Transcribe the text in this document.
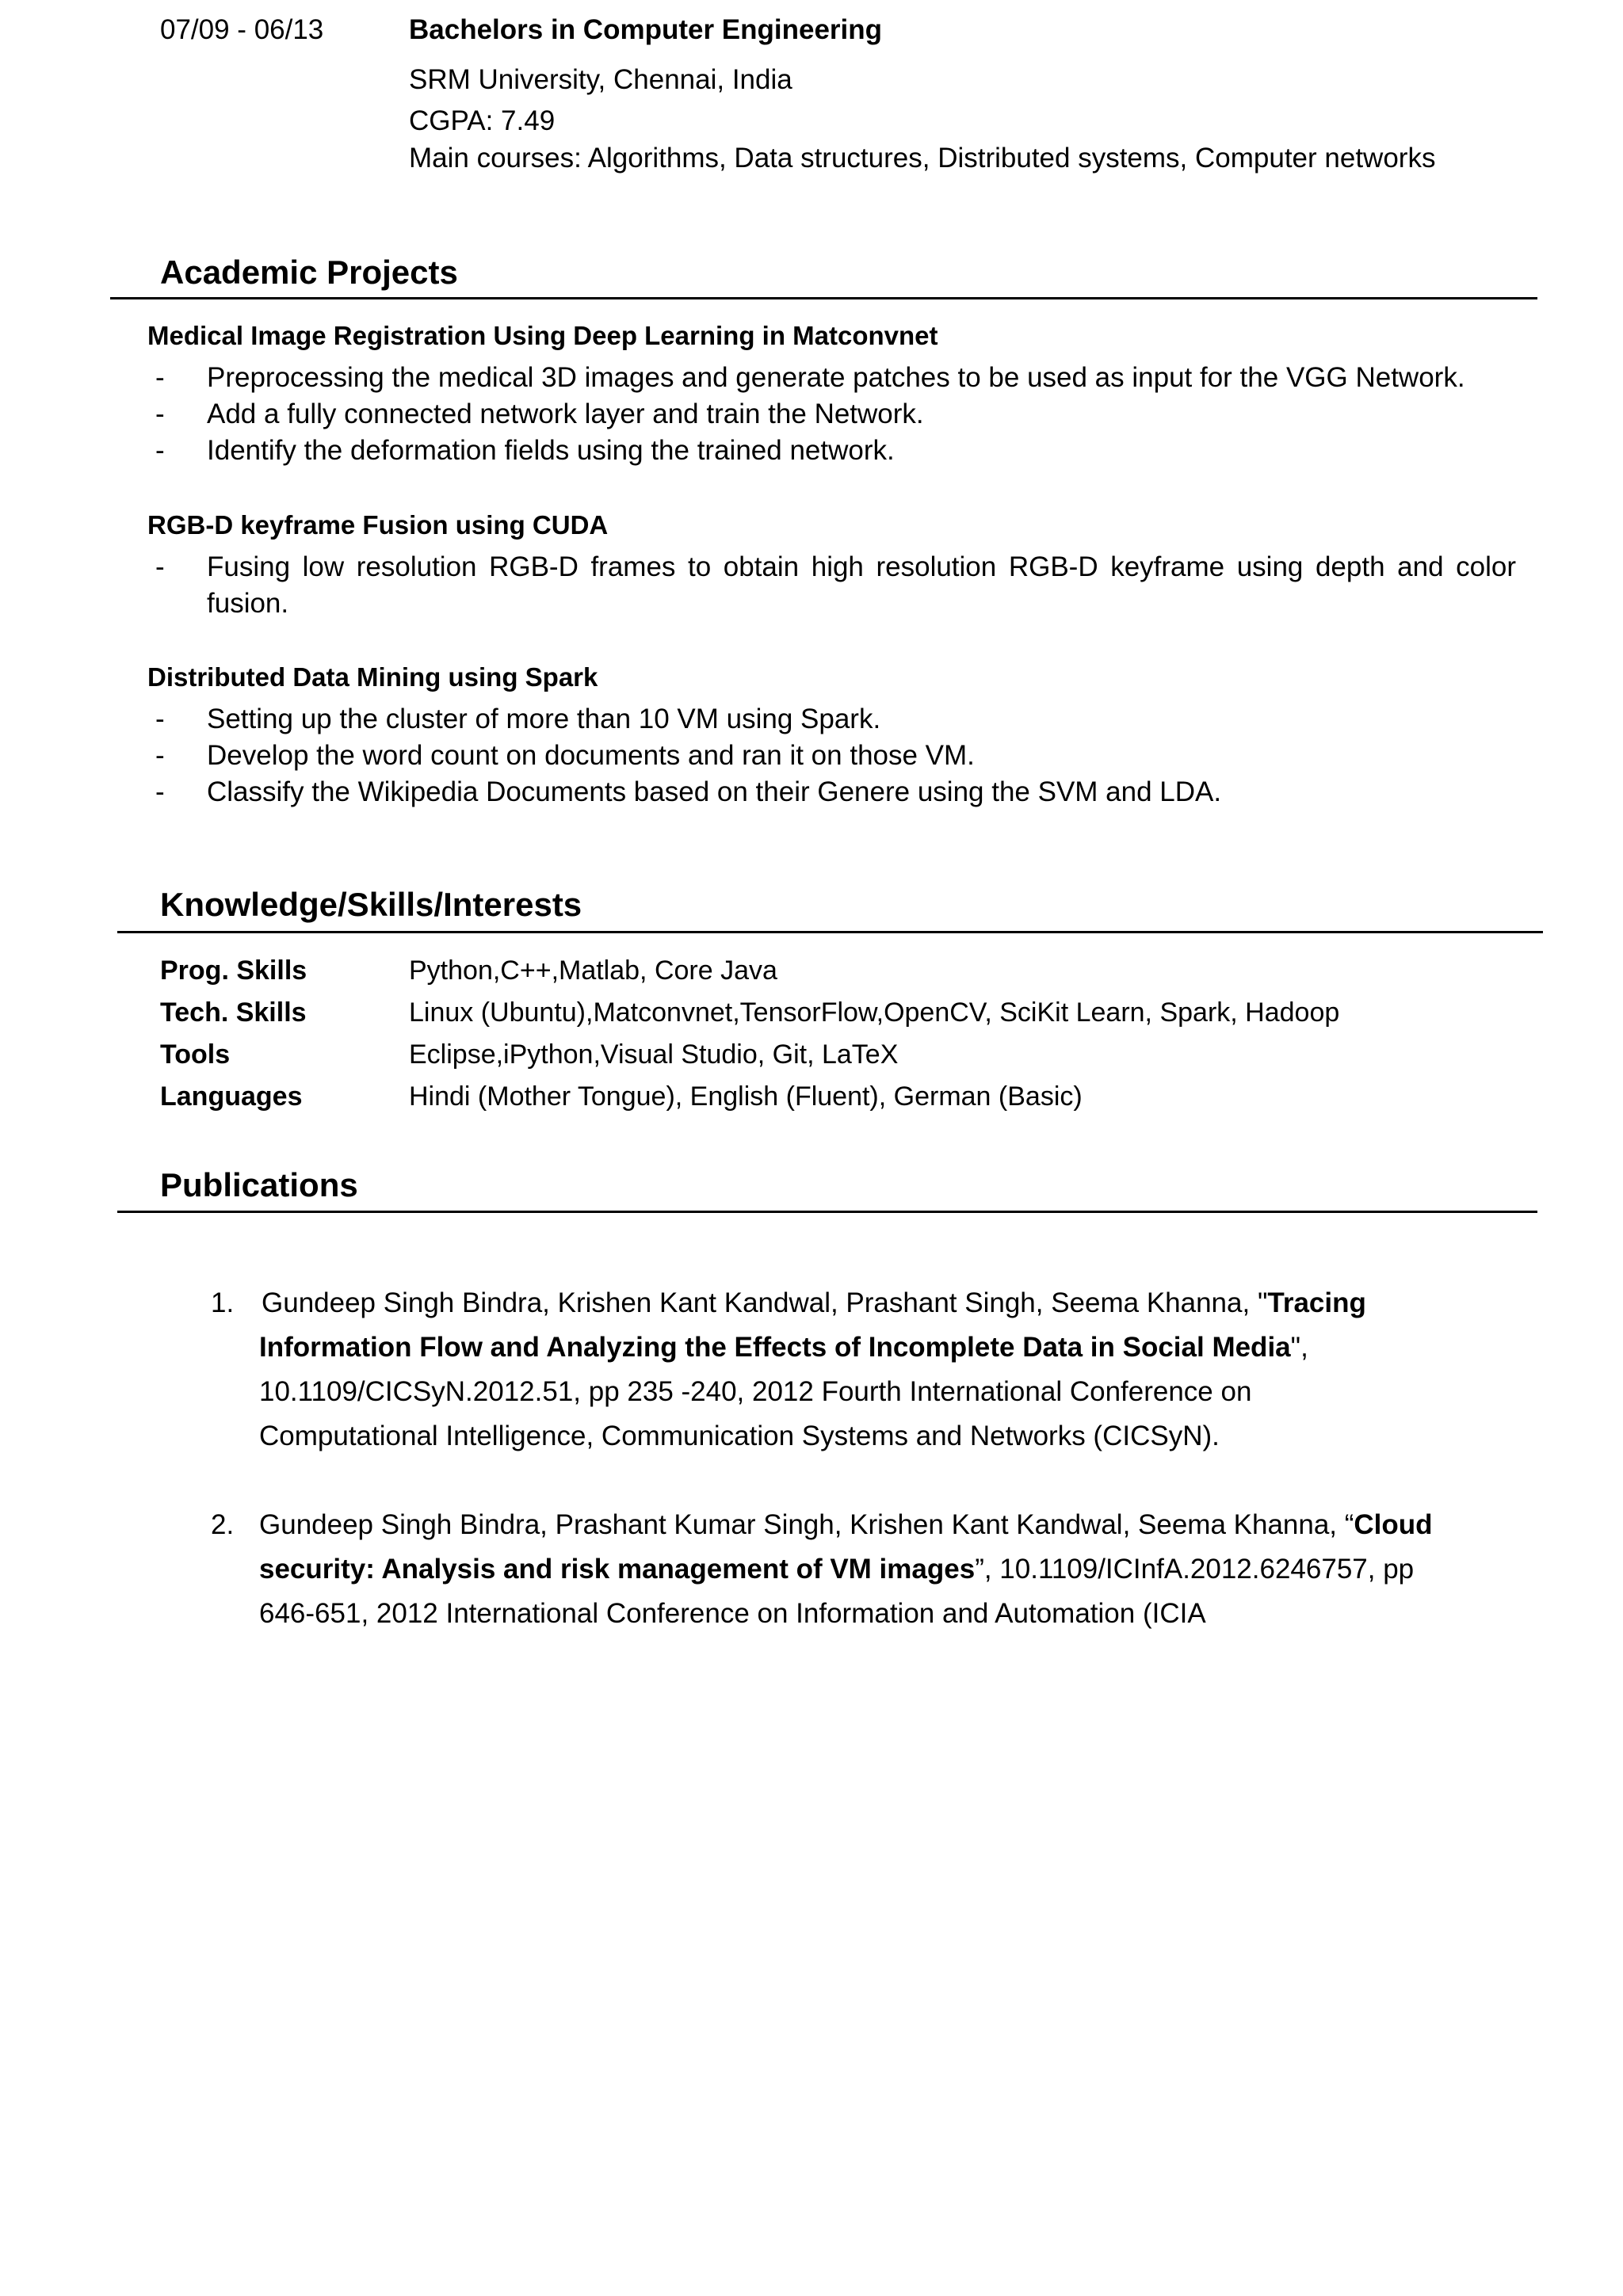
07/09 - 06/13	Bachelors in Computer Engineering
SRM University, Chennai, India
CGPA: 7.49
Main courses: Algorithms, Data structures, Distributed systems, Computer networks
Academic Projects
Medical Image Registration Using Deep Learning in Matconvnet
- Preprocessing the medical 3D images and generate patches to be used as input for the VGG Network.
- Add a fully connected network layer and train the Network.
- Identify the deformation fields using the trained network.
RGB-D keyframe Fusion using CUDA
- Fusing low resolution RGB-D frames to obtain high resolution RGB-D keyframe using depth and color fusion.
Distributed Data Mining using Spark
- Setting up the cluster of more than 10 VM using Spark.
- Develop the word count on documents and ran it on those VM.
- Classify the Wikipedia Documents based on their Genere using the SVM and LDA.
Knowledge/Skills/Interests
Prog. Skills	Python,C++,Matlab, Core Java
Tech. Skills	Linux (Ubuntu),Matconvnet,TensorFlow,OpenCV, SciKit Learn, Spark, Hadoop
Tools	Eclipse,iPython,Visual Studio, Git, LaTeX
Languages	Hindi (Mother Tongue), English (Fluent), German (Basic)
Publications
1. Gundeep Singh Bindra, Krishen Kant Kandwal, Prashant Singh, Seema Khanna, "Tracing
Information Flow and Analyzing the Effects of Incomplete Data in Social Media",
10.1109/CICSyN.2012.51, pp 235 -240, 2012 Fourth International Conference on
Computational Intelligence, Communication Systems and Networks (CICSyN).
2. Gundeep Singh Bindra, Prashant Kumar Singh, Krishen Kant Kandwal, Seema Khanna, “Cloud
security: Analysis and risk management of VM images”, 10.1109/ICInfA.2012.6246757, pp
646-651, 2012 International Conference on Information and Automation (ICIA
